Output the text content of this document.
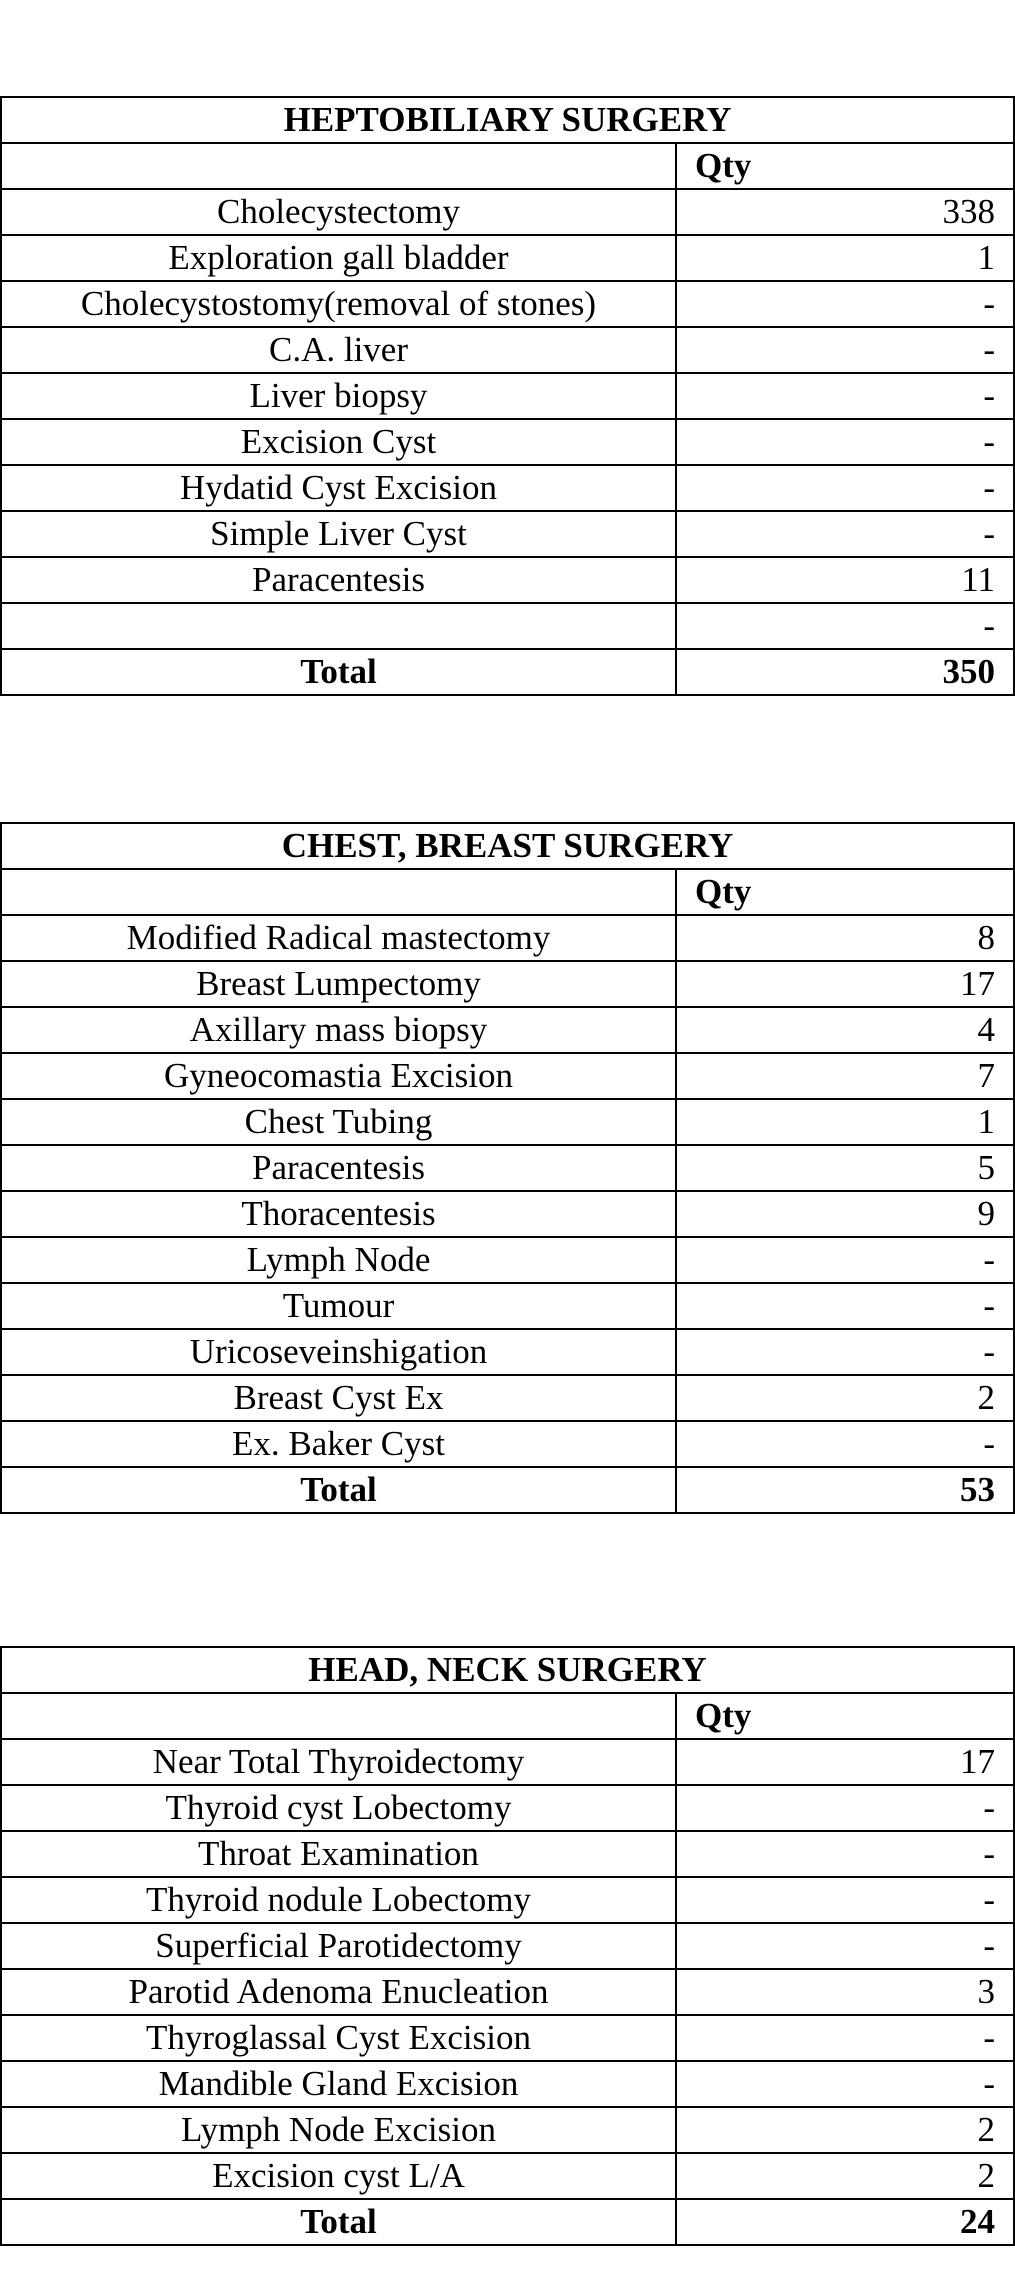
HEPTOBILIARY SURGERY	
	Qty
Cholecystectomy	338
Exploration gall bladder	1
Cholecystostomy(removal of stones)	-
C.A. liver	-
Liver biopsy	-
Excision Cyst	-
Hydatid Cyst Excision	-
Simple Liver Cyst	-
Paracentesis	11
	-
Total	350
CHEST, BREAST SURGERY	
	Qty
Modified Radical mastectomy	8
Breast Lumpectomy	17
Axillary mass biopsy	4
Gyneocomastia Excision	7
Chest Tubing	1
Paracentesis	5
Thoracentesis	9
Lymph Node	-
Tumour	-
Uricoseveinshigation	-
Breast Cyst Ex	2
Ex. Baker Cyst	-
Total	53
HEAD, NECK SURGERY	
	Qty
Near Total Thyroidectomy	17
Thyroid cyst Lobectomy	-
Throat Examination	-
Thyroid nodule Lobectomy	-
Superficial Parotidectomy	-
Parotid Adenoma Enucleation	3
Thyroglassal Cyst Excision	-
Mandible Gland Excision	-
Lymph Node Excision	2
Excision cyst L/A	2
Total	24
